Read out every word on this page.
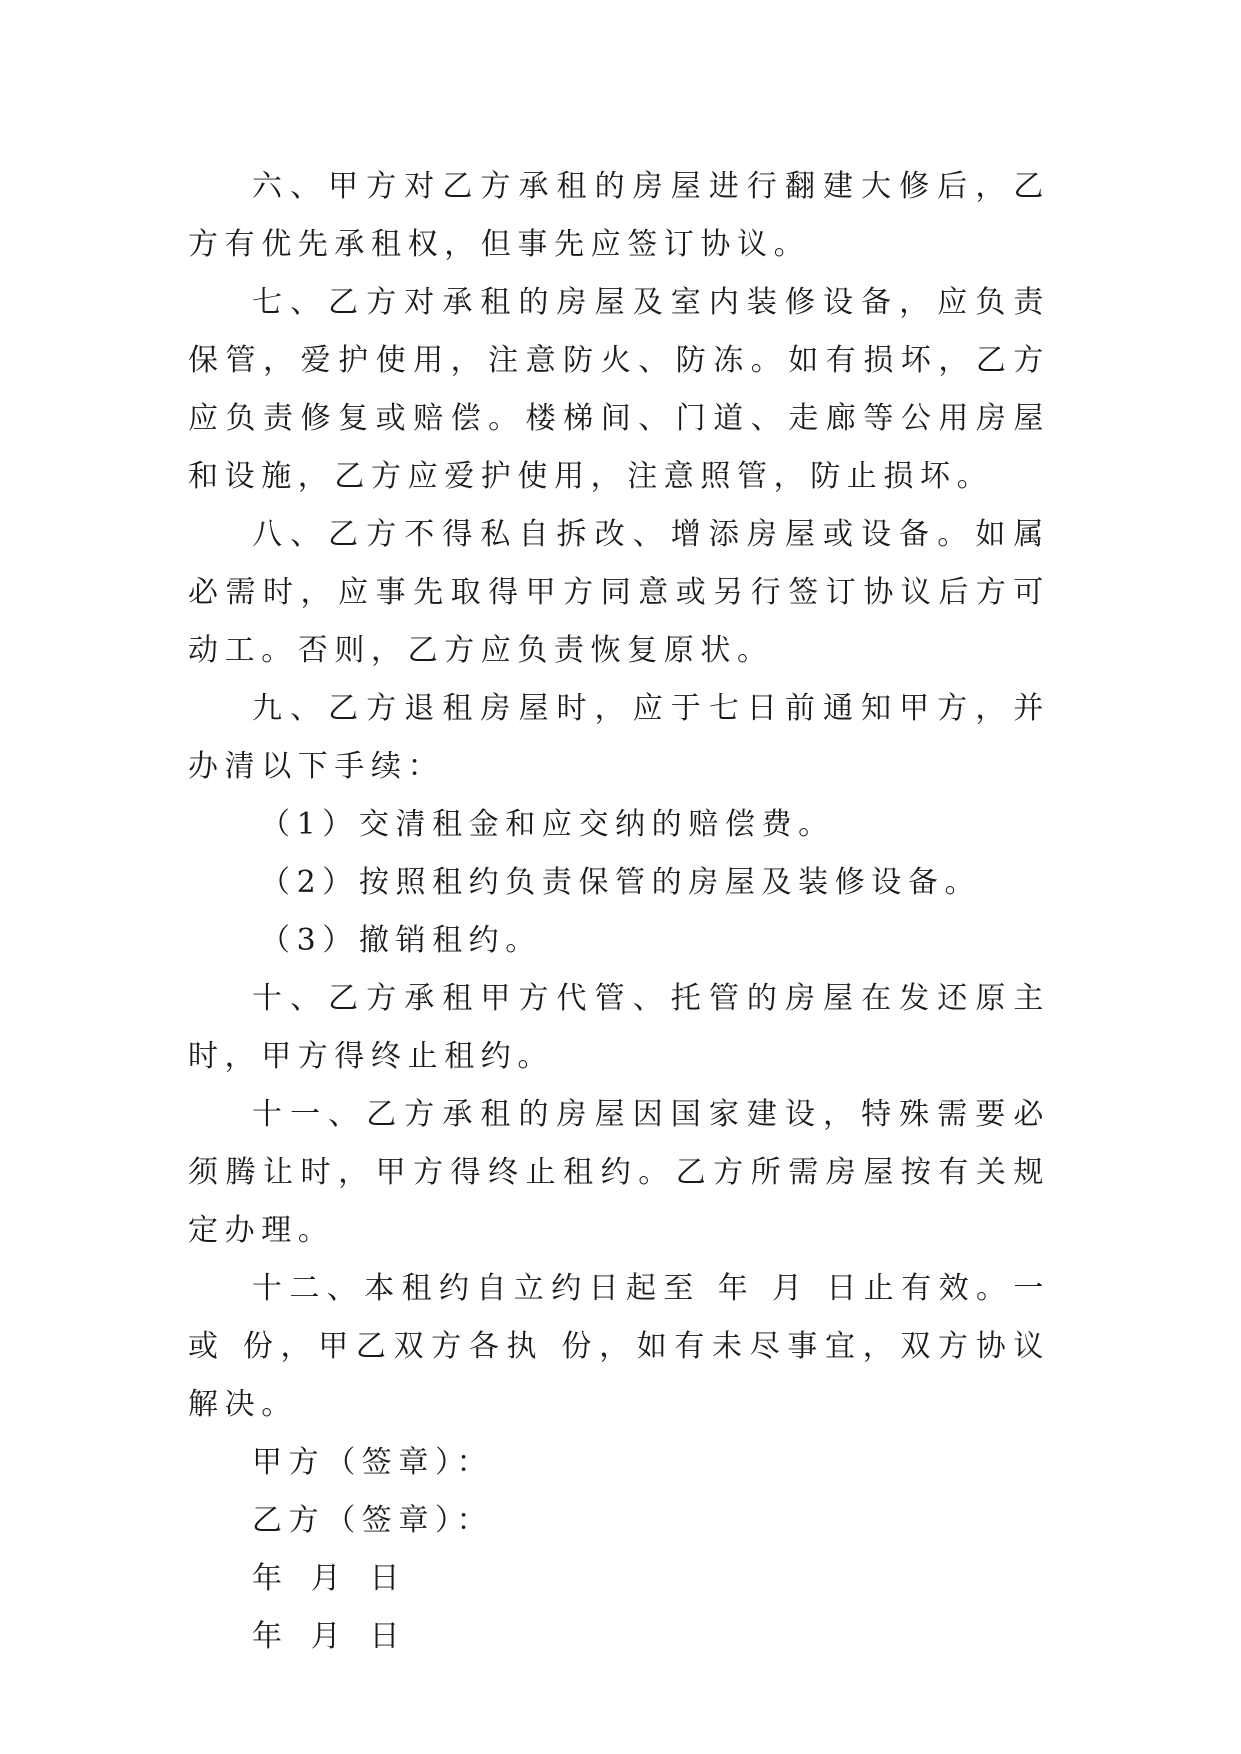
六、甲方对乙方承租的房屋进行翻建大修后，乙方有优先承租权，但事先应签订协议。

七、乙方对承租的房屋及室内装修设备，应负责保管，爱护使用，注意防火、防冻。如有损坏，乙方应负责修复或赔偿。楼梯间、门道、走廊等公用房屋和设施，乙方应爱护使用，注意照管，防止损坏。

八、乙方不得私自拆改、增添房屋或设备。如属必需时，应事先取得甲方同意或另行签订协议后方可动工。否则，乙方应负责恢复原状。

九、乙方退租房屋时，应于七日前通知甲方，并办清以下手续：

（1）交清租金和应交纳的赔偿费。

（2）按照租约负责保管的房屋及装修设备。

（3）撤销租约。

十、乙方承租甲方代管、托管的房屋在发还原主时，甲方得终止租约。

十一、乙方承租的房屋因国家建设，特殊需要必须腾让时，甲方得终止租约。乙方所需房屋按有关规定办理。

十二、本租约自立约日起至 年 月 日止有效。一或 份，甲乙双方各执 份，如有未尽事宜，双方协议解决。

甲方（签章）：

乙方（签章）：

年 月 日

年 月 日
